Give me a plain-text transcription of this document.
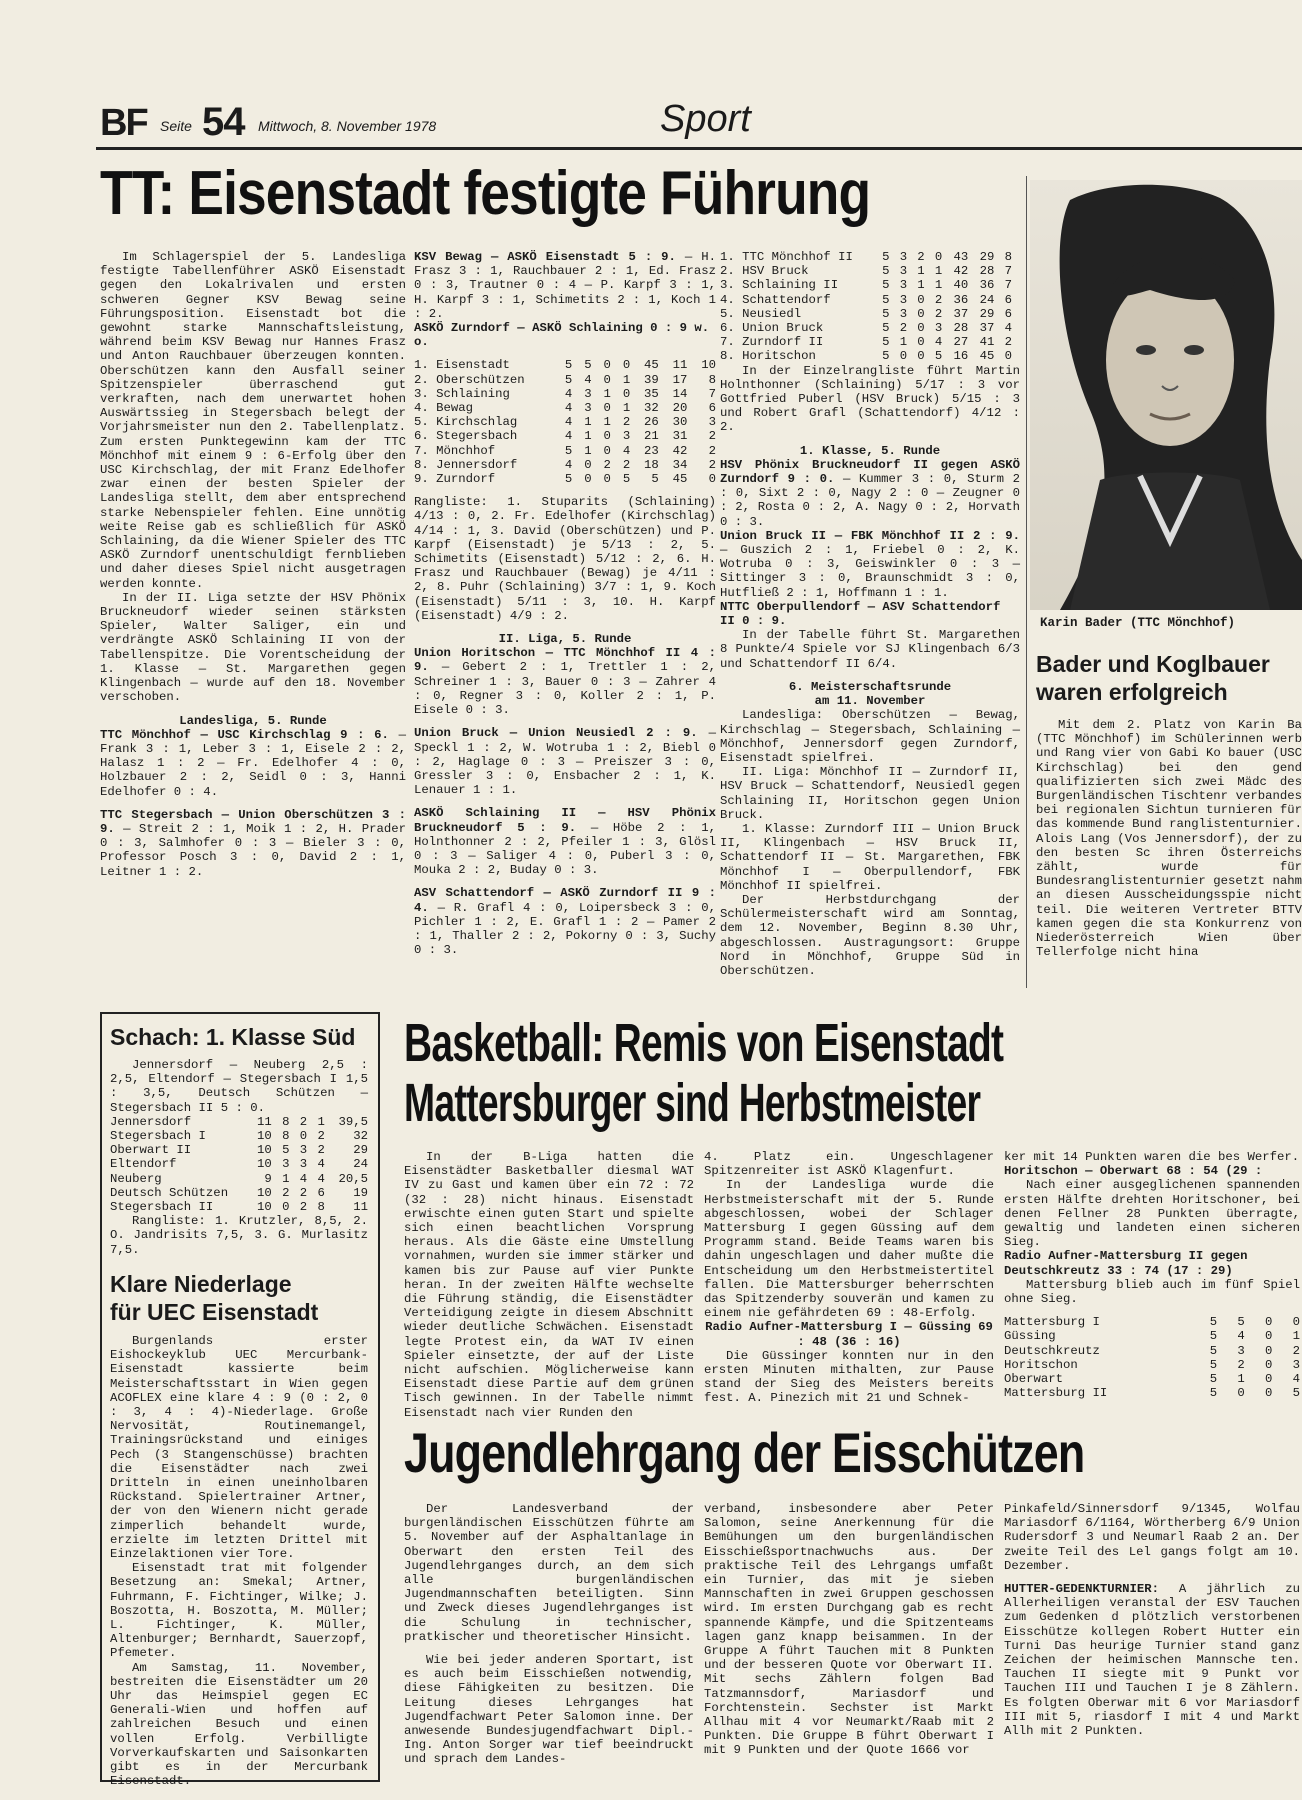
BF Seite 54 Mittwoch, 8. November 1978	Sport
TT: Eisenstadt festigte Führung

Im Schlagerspiel der 5. Landesliga festigte Tabellenführer ASKÖ Eisenstadt gegen den Lokalrivalen und ersten schweren Gegner KSV Bewag seine Führungsposition. Eisenstadt bot die gewohnt starke Mannschaftsleistung, während beim KSV Bewag nur Hannes Frasz und Anton Rauchbauer überzeugen konnten. Oberschützen kann den Ausfall seiner Spitzenspieler überraschend gut verkraften, nach dem unerwartet hohen Auswärtssieg in Stegersbach belegt der Vorjahrsmeister nun den 2. Tabellenplatz. Zum ersten Punktegewinn kam der TTC Mönchhof mit einem 9 : 6-Erfolg über den USC Kirchschlag, der mit Franz Edelhofer zwar einen der besten Spieler der Landesliga stellt, dem aber entsprechend starke Nebenspieler fehlen. Eine unnötig weite Reise gab es schließlich für ASKÖ Schlaining, da die Wiener Spieler des TTC ASKÖ Zurndorf unentschuldigt fernblieben und daher dieses Spiel nicht ausgetragen werden konnte.

In der II. Liga setzte der HSV Phönix Bruckneudorf wieder seinen stärksten Spieler, Walter Saliger, ein und verdrängte ASKÖ Schlaining II von der Tabellenspitze. Die Vorentscheidung der 1. Klasse — St. Margarethen gegen Klingenbach — wurde auf den 18. November verschoben.

Landesliga, 5. Runde

TTC Mönchhof — USC Kirchschlag 9 : 6. — Frank 3 : 1, Leber 3 : 1, Eisele 2 : 2, Halasz 1 : 2 — Fr. Edelhofer 4 : 0, Holzbauer 2 : 2, Seidl 0 : 3, Hanni Edelhofer 0 : 4.

TTC Stegersbach — Union Oberschützen 3 : 9. — Streit 2 : 1, Moik 1 : 2, H. Prader 0 : 3, Salmhofer 0 : 3 — Bieler 3 : 0, Professor Posch 3 : 0, David 2 : 1, Leitner 1 : 2.

KSV Bewag — ASKÖ Eisenstadt 5 : 9. — H. Frasz 3 : 1, Rauchbauer 2 : 1, Ed. Frasz 0 : 3, Trautner 0 : 4 — P. Karpf 3 : 1, H. Karpf 3 : 1, Schimetits 2 : 1, Koch 1 : 2.

ASKÖ Zurndorf — ASKÖ Schlaining 0 : 9 w. o.

1. Eisenstadt	5	5	0	0	45	11	10
2. Oberschützen	5	4	0	1	39	17	8
3. Schlaining	4	3	1	0	35	14	7
4. Bewag	4	3	0	1	32	20	6
5. Kirchschlag	4	1	1	2	26	30	3
6. Stegersbach	4	1	0	3	21	31	2
7. Mönchhof	5	1	0	4	23	42	2
8. Jennersdorf	4	0	2	2	18	34	2
9. Zurndorf	5	0	0	5	5	45	0

Rangliste: 1. Stuparits (Schlaining) 4/13 : 0, 2. Fr. Edelhofer (Kirchschlag) 4/14 : 1, 3. David (Oberschützen) und P. Karpf (Eisenstadt) je 5/13 : 2, 5. Schimetits (Eisenstadt) 5/12 : 2, 6. H. Frasz und Rauchbauer (Bewag) je 4/11 : 2, 8. Puhr (Schlaining) 3/7 : 1, 9. Koch (Eisenstadt) 5/11 : 3, 10. H. Karpf (Eisenstadt) 4/9 : 2.

II. Liga, 5. Runde

Union Horitschon — TTC Mönchhof II 4 : 9. — Gebert 2 : 1, Trettler 1 : 2, Schreiner 1 : 3, Bauer 0 : 3 — Zahrer 4 : 0, Regner 3 : 0, Koller 2 : 1, P. Eisele 0 : 3.

Union Bruck — Union Neusiedl 2 : 9. — Speckl 1 : 2, W. Wotruba 1 : 2, Biebl 0 : 2, Haglage 0 : 3 — Preiszer 3 : 0, Gressler 3 : 0, Ensbacher 2 : 1, K. Lenauer 1 : 1.

ASKÖ Schlaining II — HSV Phönix Bruckneudorf 5 : 9. — Höbe 2 : 1, Holnthonner 2 : 2, Pfeiler 1 : 3, Glösl 0 : 3 — Saliger 4 : 0, Puberl 3 : 0, Mouka 2 : 2, Buday 0 : 3.

ASV Schattendorf — ASKÖ Zurndorf II 9 : 4. — R. Grafl 4 : 0, Loipersbeck 3 : 0, Pichler 1 : 2, E. Grafl 1 : 2 — Pamer 2 : 1, Thaller 2 : 2, Pokorny 0 : 3, Suchy 0 : 3.

1. TTC Mönchhof II	5	3	2	0	43	29	8
2. HSV Bruck	5	3	1	1	42	28	7
3. Schlaining II	5	3	1	1	40	36	7
4. Schattendorf	5	3	0	2	36	24	6
5. Neusiedl	5	3	0	2	37	29	6
6. Union Bruck	5	2	0	3	28	37	4
7. Zurndorf II	5	1	0	4	27	41	2
8. Horitschon	5	0	0	5	16	45	0

In der Einzelrangliste führt Martin Holnthonner (Schlaining) 5/17 : 3 vor Gottfried Puberl (HSV Bruck) 5/15 : 3 und Robert Grafl (Schattendorf) 4/12 : 2.

1. Klasse, 5. Runde

HSV Phönix Bruckneudorf II gegen ASKÖ Zurndorf 9 : 0. — Kummer 3 : 0, Sturm 2 : 0, Sixt 2 : 0, Nagy 2 : 0 — Zeugner 0 : 2, Rosta 0 : 2, A. Nagy 0 : 2, Horvath 0 : 3.

Union Bruck II — FBK Mönchhof II 2 : 9. — Guszich 2 : 1, Friebel 0 : 2, K. Wotruba 0 : 3, Geiswinkler 0 : 3 — Sittinger 3 : 0, Braunschmidt 3 : 0, Hutfließ 2 : 1, Hoffmann 1 : 1.

NTTC Oberpullendorf — ASV Schattendorf II 0 : 9.

In der Tabelle führt St. Margarethen 8 Punkte/4 Spiele vor SJ Klingenbach 6/3 und Schattendorf II 6/4.

6. Meisterschaftsrunde

am 11. November

Landesliga: Oberschützen — Bewag, Kirchschlag — Stegersbach, Schlaining — Mönchhof, Jennersdorf gegen Zurndorf, Eisenstadt spielfrei.

II. Liga: Mönchhof II — Zurndorf II, HSV Bruck — Schattendorf, Neusiedl gegen Schlaining II, Horitschon gegen Union Bruck.

1. Klasse: Zurndorf III — Union Bruck II, Klingenbach — HSV Bruck II, Schattendorf II — St. Margarethen, FBK Mönchhof I — Oberpullendorf, FBK Mönchhof II spielfrei.

Der Herbstdurchgang der Schülermeisterschaft wird am Sonntag, dem 12. November, Beginn 8.30 Uhr, abgeschlossen. Austragungsort: Gruppe Nord in Mönchhof, Gruppe Süd in Oberschützen.

Karin Bader (TTC Mönchhof)
Bader und Koglbauer waren erfolgreich
Mit dem 2. Platz von Karin Ba (TTC Mönchhof) im Schülerinnen werb und Rang vier von Gabi Ko bauer (USC Kirchschlag) bei den gend qualifizierten sich zwei Mädc des Burgenländischen Tischtenr verbandes bei regionalen Sichtun turnieren für das kommende Bund ranglistenturnier. Alois Lang (Vos Jennersdorf), der zu den besten Sc ihren Österreichs zählt, wurde für Bundesranglistenturnier gesetzt nahm an diesen Ausscheidungsspie nicht teil. Die weiteren Vertreter BTTV kamen gegen die sta Konkurrenz von Niederösterreich Wien über Tellerfolge nicht hina
Schach: 1. Klasse Süd

Jennersdorf — Neuberg 2,5 : 2,5, Eltendorf — Stegersbach I 1,5 : 3,5, Deutsch Schützen — Stegersbach II 5 : 0.

Jennersdorf	11	8	2	1	39,5
Stegersbach I	10	8	0	2	32
Oberwart II	10	5	3	2	29
Eltendorf	10	3	3	4	24
Neuberg	9	1	4	4	20,5
Deutsch Schützen	10	2	2	6	19
Stegersbach II	10	0	2	8	11

Rangliste: 1. Krutzler, 8,5, 2. O. Jandrisits 7,5, 3. G. Murlasitz 7,5.

Klare Niederlage
für UEC Eisenstadt

Burgenlands erster Eishockeyklub UEC Mercurbank-Eisenstadt kassierte beim Meisterschaftsstart in Wien gegen ACOFLEX eine klare 4 : 9 (0 : 2, 0 : 3, 4 : 4)-Niederlage. Große Nervosität, Routinemangel, Trainingsrückstand und einiges Pech (3 Stangenschüsse) brachten die Eisenstädter nach zwei Dritteln in einen uneinholbaren Rückstand. Spielertrainer Artner, der von den Wienern nicht gerade zimperlich behandelt wurde, erzielte im letzten Drittel mit Einzelaktionen vier Tore.

Eisenstadt trat mit folgender Besetzung an: Smekal; Artner, Fuhrmann, F. Fichtinger, Wilke; J. Boszotta, H. Boszotta, M. Müller; L. Fichtinger, K. Müller, Altenburger; Bernhardt, Sauerzopf, Pfemeter.

Am Samstag, 11. November, bestreiten die Eisenstädter um 20 Uhr das Heimspiel gegen EC Generali-Wien und hoffen auf zahlreichen Besuch und einen vollen Erfolg. Verbilligte Vorverkaufskarten und Saisonkarten gibt es in der Mercurbank Eisenstadt.

Basketball: Remis von Eisenstadt
Mattersburger sind Herbstmeister

In der B-Liga hatten die Eisenstädter Basketballer diesmal WAT IV zu Gast und kamen über ein 72 : 72 (32 : 28) nicht hinaus. Eisenstadt erwischte einen guten Start und spielte sich einen beachtlichen Vorsprung heraus. Als die Gäste eine Umstellung vornahmen, wurden sie immer stärker und kamen bis zur Pause auf vier Punkte heran. In der zweiten Hälfte wechselte die Führung ständig, die Eisenstädter Verteidigung zeigte in diesem Abschnitt wieder deutliche Schwächen. Eisenstadt legte Protest ein, da WAT IV einen Spieler einsetzte, der auf der Liste nicht aufschien. Möglicherweise kann Eisenstadt diese Partie auf dem grünen Tisch gewinnen. In der Tabelle nimmt Eisenstadt nach vier Runden den

4. Platz ein. Ungeschlagener Spitzenreiter ist ASKÖ Klagenfurt.

In der Landesliga wurde die Herbstmeisterschaft mit der 5. Runde abgeschlossen, wobei der Schlager Mattersburg I gegen Güssing auf dem Programm stand. Beide Teams waren bis dahin ungeschlagen und daher mußte die Entscheidung um den Herbstmeistertitel fallen. Die Mattersburger beherrschten das Spitzenderby souverän und kamen zu einem nie gefährdeten 69 : 48-Erfolg.

Radio Aufner-Mattersburg I — Güssing 69 : 48 (36 : 16)

Die Güssinger konnten nur in den ersten Minuten mithalten, zur Pause stand der Sieg des Meisters bereits fest. A. Pinezich mit 21 und Schnek-

ker mit 14 Punkten waren die bes Werfer.

Horitschon — Oberwart 68 : 54 (29 :

Nach einer ausgeglichenen spannenden ersten Hälfte drehten Horitschoner, bei denen Fellner 28 Punkten überragte, gewaltig und landeten einen sicheren Sieg.

Radio Aufner-Mattersburg II gegen Deutschkreutz 33 : 74 (17 : 29)

Mattersburg blieb auch im fünf Spiel ohne Sieg.

Mattersburg I	5	5	0	0
Güssing	5	4	0	1
Deutschkreutz	5	3	0	2
Horitschon	5	2	0	3
Oberwart	5	1	0	4
Mattersburg II	5	0	0	5
Jugendlehrgang der Eisschützen

Der Landesverband der burgenländischen Eisschützen führte am 5. November auf der Asphaltanlage in Oberwart den ersten Teil des Jugendlehrganges durch, an dem sich alle burgenländischen Jugendmannschaften beteiligten. Sinn und Zweck dieses Jugendlehrganges ist die Schulung in technischer, pratkischer und theoretischer Hinsicht.

Wie bei jeder anderen Sportart, ist es auch beim Eisschießen notwendig, diese Fähigkeiten zu besitzen. Die Leitung dieses Lehrganges hat Jugendfachwart Peter Salomon inne. Der anwesende Bundesjugendfachwart Dipl.-Ing. Anton Sorger war tief beeindruckt und sprach dem Landes-

verband, insbesondere aber Peter Salomon, seine Anerkennung für die Bemühungen um den burgenländischen Eisschießsportnachwuchs aus. Der praktische Teil des Lehrgangs umfaßt ein Turnier, das mit je sieben Mannschaften in zwei Gruppen geschossen wird. Im ersten Durchgang gab es recht spannende Kämpfe, und die Spitzenteams lagen ganz knapp beisammen. In der Gruppe A führt Tauchen mit 8 Punkten und der besseren Quote vor Oberwart II. Mit sechs Zählern folgen Bad Tatzmannsdorf, Mariasdorf und Forchtenstein. Sechster ist Markt Allhau mit 4 vor Neumarkt/Raab mit 2 Punkten. Die Gruppe B führt Oberwart I mit 9 Punkten und der Quote 1666 vor

Pinkafeld/Sinnersdorf 9/1345, Wolfau Mariasdorf 6/1164, Wörtherberg 6/9 Union Rudersdorf 3 und Neumarl Raab 2 an. Der zweite Teil des Lel gangs folgt am 10. Dezember.

HUTTER-GEDENKTURNIER: A jährlich zu Allerheiligen veranstal der ESV Tauchen zum Gedenken d plötzlich verstorbenen Eisschütze kollegen Robert Hutter ein Turni Das heurige Turnier stand ganz Zeichen der heimischen Mannsche ten. Tauchen II siegte mit 9 Punkt vor Tauchen III und Tauchen I je 8 Zählern. Es folgten Oberwar mit 6 vor Mariasdorf III mit 5, riasdorf I mit 4 und Markt Allh mit 2 Punkten.
